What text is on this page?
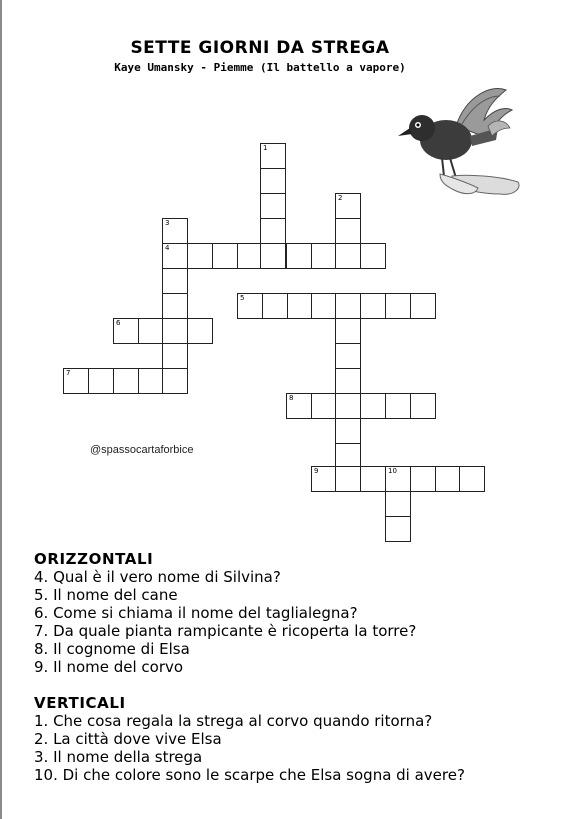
SETTE GIORNI DA STREGA
Kaye Umansky - Piemme (Il battello a vapore)
1
2
3
4
5
6
7
8
9	10
@spassocartaforbice
ORIZZONTALI
4. Qual è il vero nome di Silvina?
5. Il nome del cane
6. Come si chiama il nome del taglialegna?
7. Da quale pianta rampicante è ricoperta la torre?
8. Il cognome di Elsa
9. Il nome del corvo
VERTICALI
1. Che cosa regala la strega al corvo quando ritorna?
2. La città dove vive Elsa
3. Il nome della strega
10. Di che colore sono le scarpe che Elsa sogna di avere?
